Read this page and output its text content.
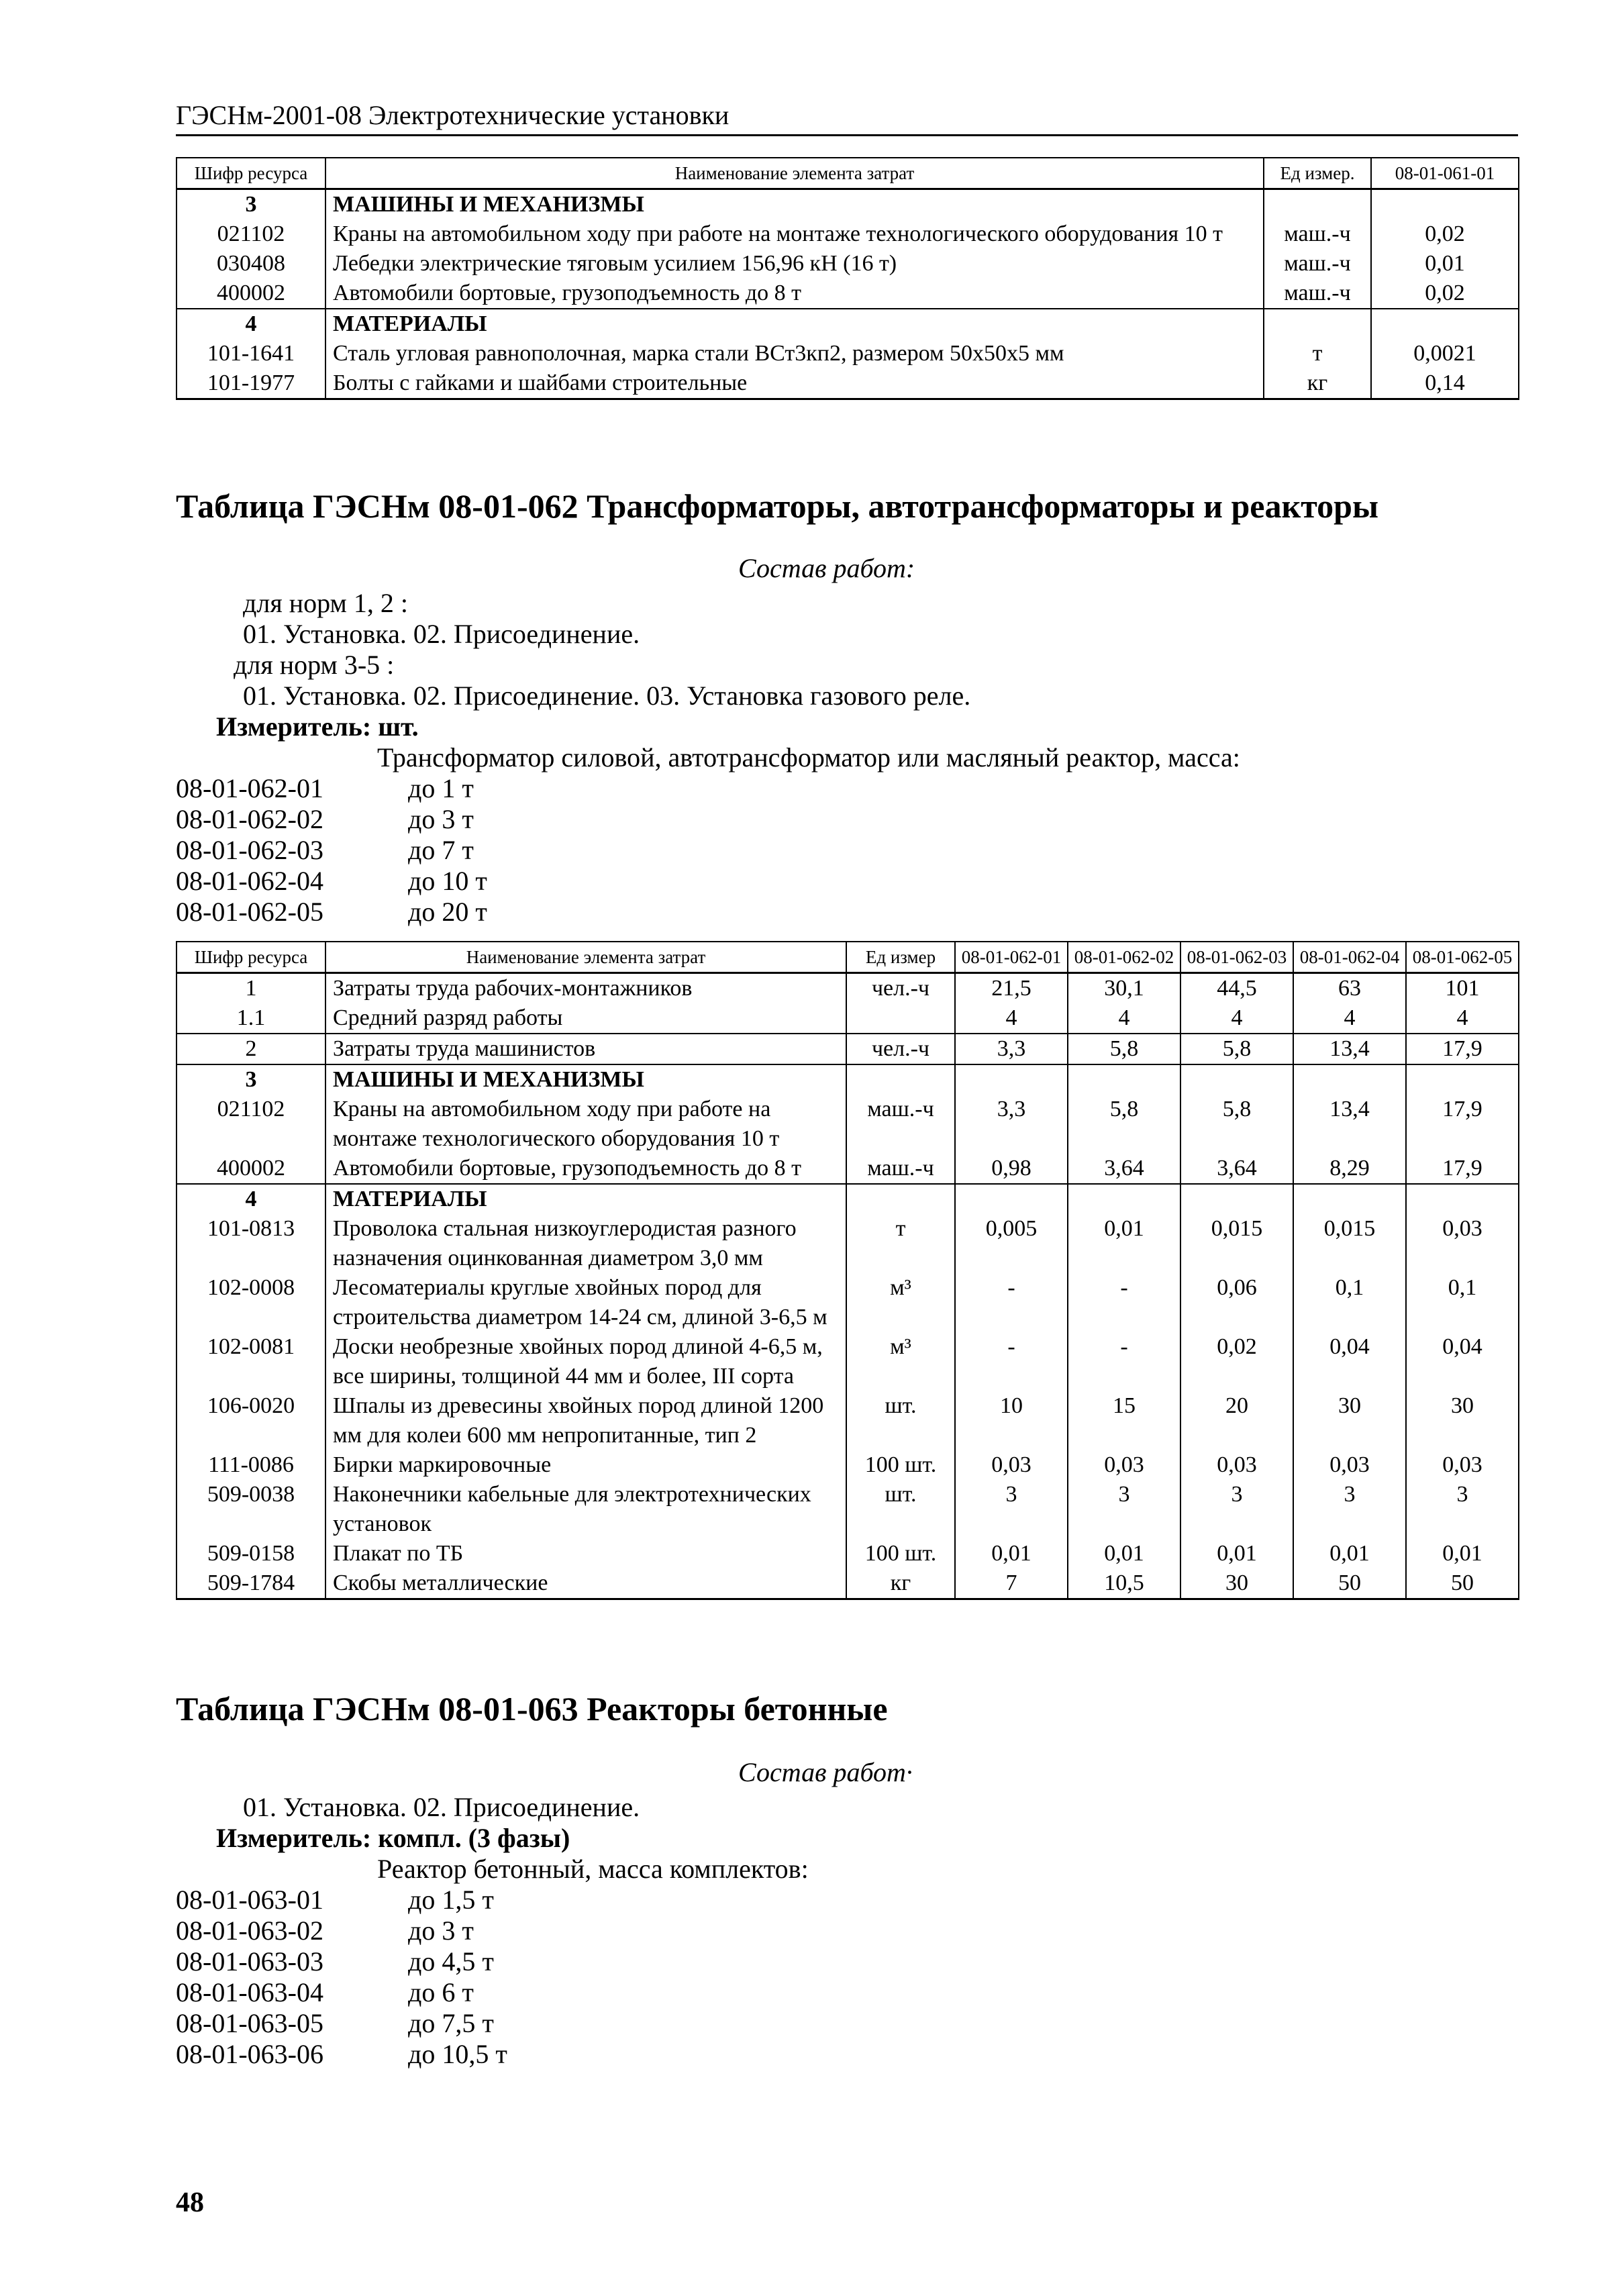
ГЭСНм-2001-08 Электротехнические установки
Шифр ресурса	Наименование элемента затрат	Ед измер.	08-01-061-01
3	МАШИНЫ И МЕХАНИЗМЫ		
021102	Краны на автомобильном ходу при работе на монтаже технологического оборудования 10 т	маш.-ч	0,02
030408	Лебедки электрические тяговым усилием 156,96 кН (16 т)	маш.-ч	0,01
400002	Автомобили бортовые, грузоподъемность до 8 т	маш.-ч	0,02
4	МАТЕРИАЛЫ		
101-1641	Сталь угловая равнополочная, марка стали ВСт3кп2, размером 50x50x5 мм	т	0,0021
101-1977	Болты с гайками и шайбами строительные	кг	0,14
Таблица ГЭСНм 08-01-062 Трансформаторы, автотрансформаторы и реакторы
Состав работ:
для норм 1, 2 :
01. Установка. 02. Присоединение.
для норм 3-5 :
01. Установка. 02. Присоединение. 03. Установка газового реле.
Измеритель: шт.
Трансформатор силовой, автотрансформатор или масляный реактор, масса:
08-01-062-01	до 1 т
08-01-062-02	до 3 т
08-01-062-03	до 7 т
08-01-062-04	до 10 т
08-01-062-05	до 20 т
Шифр ресурса	Наименование элемента затрат	Ед измер	08-01-062-01	08-01-062-02	08-01-062-03	08-01-062-04	08-01-062-05
1	Затраты труда рабочих-монтажников	чел.-ч	21,5	30,1	44,5	63	101
1.1	Средний разряд работы		4	4	4	4	4
2	Затраты труда машинистов	чел.-ч	3,3	5,8	5,8	13,4	17,9
3	МАШИНЫ И МЕХАНИЗМЫ						
021102	Краны на автомобильном ходу при работе на монтаже технологического оборудования 10 т	маш.-ч	3,3	5,8	5,8	13,4	17,9
400002	Автомобили бортовые, грузоподъемность до 8 т	маш.-ч	0,98	3,64	3,64	8,29	17,9
4	МАТЕРИАЛЫ						
101-0813	Проволока стальная низкоуглеродистая разного назначения оцинкованная диаметром 3,0 мм	т	0,005	0,01	0,015	0,015	0,03
102-0008	Лесоматериалы круглые хвойных пород для строительства диаметром 14-24 см, длиной 3-6,5 м	м³	-	-	0,06	0,1	0,1
102-0081	Доски необрезные хвойных пород длиной 4-6,5 м, все ширины, толщиной 44 мм и более, III сорта	м³	-	-	0,02	0,04	0,04
106-0020	Шпалы из древесины хвойных пород длиной 1200 мм для колеи 600 мм непропитанные, тип 2	шт.	10	15	20	30	30
111-0086	Бирки маркировочные	100 шт.	0,03	0,03	0,03	0,03	0,03
509-0038	Наконечники кабельные для электротехнических установок	шт.	3	3	3	3	3
509-0158	Плакат по ТБ	100 шт.	0,01	0,01	0,01	0,01	0,01
509-1784	Скобы металлические	кг	7	10,5	30	50	50
Таблица ГЭСНм 08-01-063 Реакторы бетонные
Состав работ·
01. Установка. 02. Присоединение.
Измеритель: компл. (3 фазы)
Реактор бетонный, масса комплектов:
08-01-063-01	до 1,5 т
08-01-063-02	до 3 т
08-01-063-03	до 4,5 т
08-01-063-04	до 6 т
08-01-063-05	до 7,5 т
08-01-063-06	до 10,5 т
48
